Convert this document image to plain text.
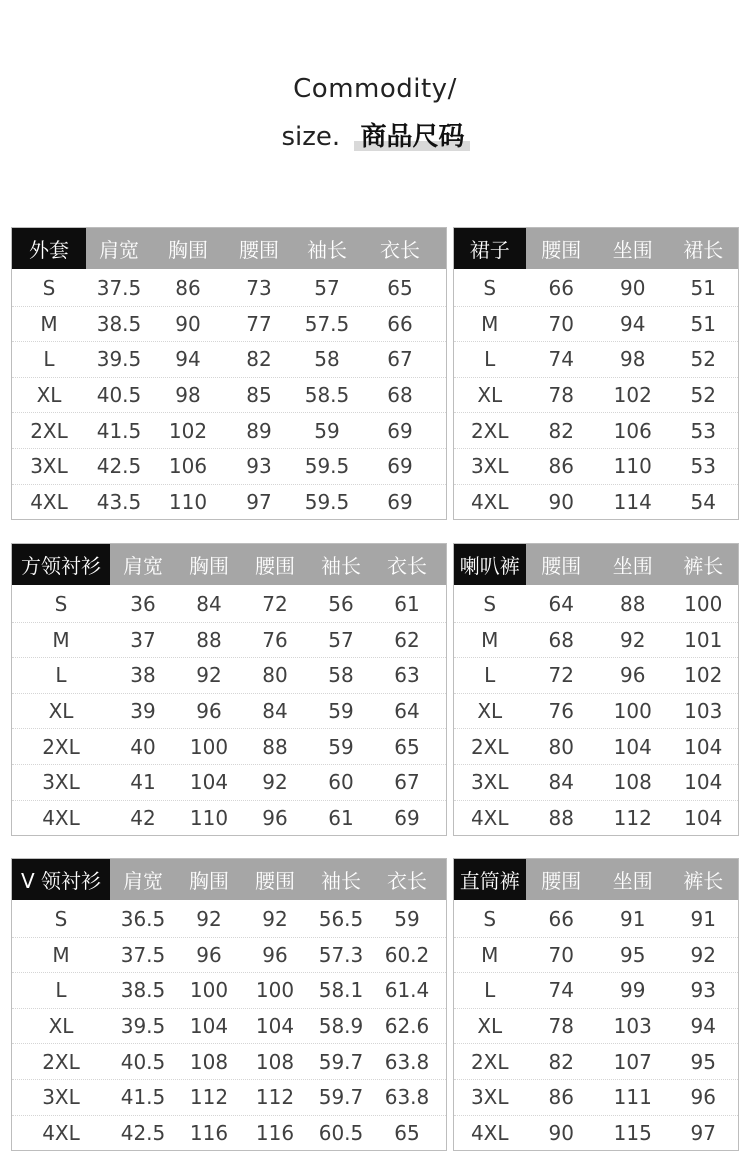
Commodity/
size. 商品尺码
外套	肩宽	胸围	腰围	袖长	衣长
S	37.5	86	73	57	65
M	38.5	90	77	57.5	66
L	39.5	94	82	58	67
XL	40.5	98	85	58.5	68
2XL	41.5	102	89	59	69
3XL	42.5	106	93	59.5	69
4XL	43.5	110	97	59.5	69
裙子	腰围	坐围	裙长
S	66	90	51
M	70	94	51
L	74	98	52
XL	78	102	52
2XL	82	106	53
3XL	86	110	53
4XL	90	114	54
方领衬衫	肩宽	胸围	腰围	袖长	衣长
S	36	84	72	56	61
M	37	88	76	57	62
L	38	92	80	58	63
XL	39	96	84	59	64
2XL	40	100	88	59	65
3XL	41	104	92	60	67
4XL	42	110	96	61	69
喇叭裤	腰围	坐围	裤长
S	64	88	100
M	68	92	101
L	72	96	102
XL	76	100	103
2XL	80	104	104
3XL	84	108	104
4XL	88	112	104
V 领衬衫	肩宽	胸围	腰围	袖长	衣长
S	36.5	92	92	56.5	59
M	37.5	96	96	57.3	60.2
L	38.5	100	100	58.1	61.4
XL	39.5	104	104	58.9	62.6
2XL	40.5	108	108	59.7	63.8
3XL	41.5	112	112	59.7	63.8
4XL	42.5	116	116	60.5	65
直筒裤	腰围	坐围	裤长
S	66	91	91
M	70	95	92
L	74	99	93
XL	78	103	94
2XL	82	107	95
3XL	86	111	96
4XL	90	115	97
